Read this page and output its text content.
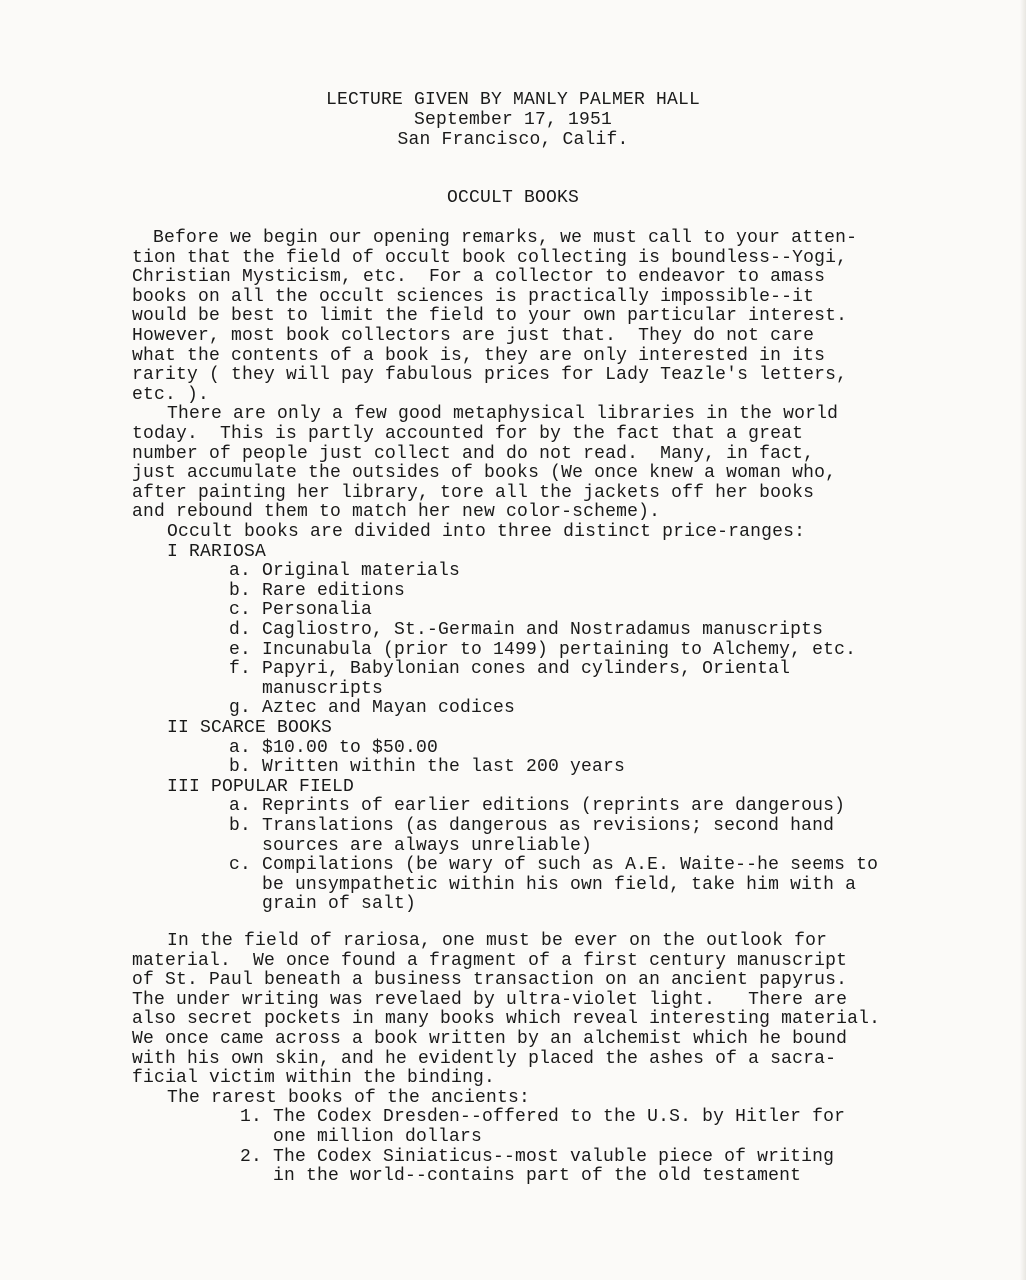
LECTURE GIVEN BY MANLY PALMER HALL
September 17, 1951
San Francisco, Calif.
OCCULT BOOKS
Before we begin our opening remarks, we must call to your atten-
tion that the field of occult book collecting is boundless--Yogi,
Christian Mysticism, etc.  For a collector to endeavor to amass
books on all the occult sciences is practically impossible--it
would be best to limit the field to your own particular interest.
However, most book collectors are just that.  They do not care
what the contents of a book is, they are only interested in its
rarity ( they will pay fabulous prices for Lady Teazle's letters,
etc. ).
There are only a few good metaphysical libraries in the world
today.  This is partly accounted for by the fact that a great
number of people just collect and do not read.  Many, in fact,
just accumulate the outsides of books (We once knew a woman who,
after painting her library, tore all the jackets off her books
and rebound them to match her new color-scheme).
Occult books are divided into three distinct price-ranges:
I RARIOSA
a. Original materials
b. Rare editions
c. Personalia
d. Cagliostro, St.-Germain and Nostradamus manuscripts
e. Incunabula (prior to 1499) pertaining to Alchemy, etc.
f. Papyri, Babylonian cones and cylinders, Oriental
manuscripts
g. Aztec and Mayan codices
II SCARCE BOOKS
a. $10.00 to $50.00
b. Written within the last 200 years
III POPULAR FIELD
a. Reprints of earlier editions (reprints are dangerous)
b. Translations (as dangerous as revisions; second hand
sources are always unreliable)
c. Compilations (be wary of such as A.E. Waite--he seems to
be unsympathetic within his own field, take him with a
grain of salt)
In the field of rariosa, one must be ever on the outlook for
material.  We once found a fragment of a first century manuscript
of St. Paul beneath a business transaction on an ancient papyrus.
The under writing was revelaed by ultra-violet light.   There are
also secret pockets in many books which reveal interesting material.
We once came across a book written by an alchemist which he bound
with his own skin, and he evidently placed the ashes of a sacra-
ficial victim within the binding.
The rarest books of the ancients:
1. The Codex Dresden--offered to the U.S. by Hitler for
one million dollars
2. The Codex Siniaticus--most valuble piece of writing
in the world--contains part of the old testament
